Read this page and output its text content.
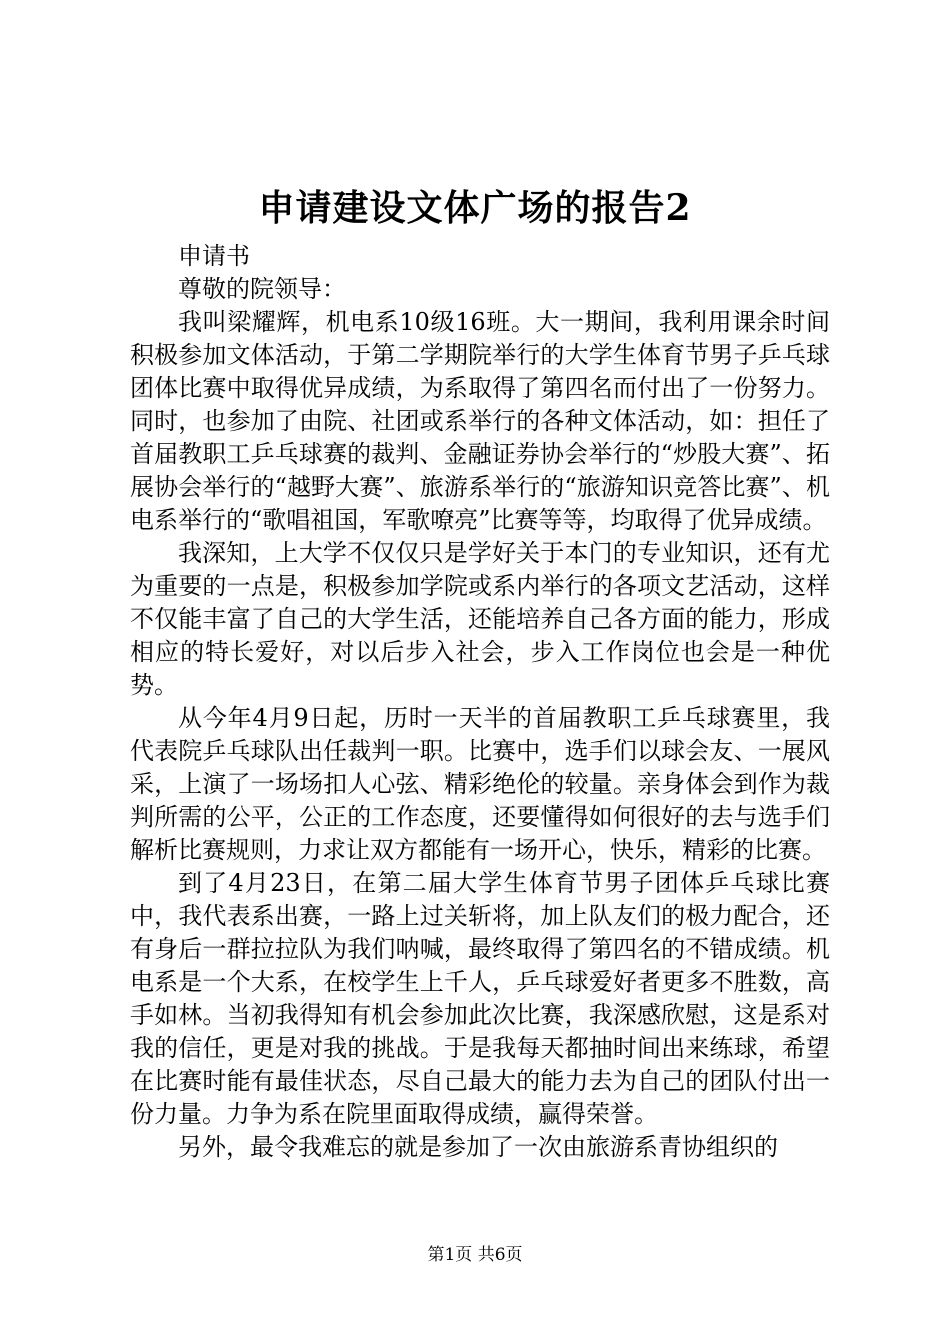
申请建设文体广场的报告2

申请书

尊敬的院领导：

我叫梁耀辉，机电系10级16班。大一期间，我利用课余时间积极参加文体活动，于第二学期院举行的大学生体育节男子乒乓球团体比赛中取得优异成绩，为系取得了第四名而付出了一份努力。同时，也参加了由院、社团或系举行的各种文体活动，如：担任了首届教职工乒乓球赛的裁判、金融证券协会举行的“炒股大赛”、拓展协会举行的“越野大赛”、旅游系举行的“旅游知识竞答比赛”、机电系举行的“歌唱祖国，军歌嘹亮”比赛等等，均取得了优异成绩。

我深知，上大学不仅仅只是学好关于本门的专业知识，还有尤为重要的一点是，积极参加学院或系内举行的各项文艺活动，这样不仅能丰富了自己的大学生活，还能培养自己各方面的能力，形成相应的特长爱好，对以后步入社会，步入工作岗位也会是一种优势。

从今年4月9日起，历时一天半的首届教职工乒乓球赛里，我代表院乒乓球队出任裁判一职。比赛中，选手们以球会友、一展风采，上演了一场场扣人心弦、精彩绝伦的较量。亲身体会到作为裁判所需的公平，公正的工作态度，还要懂得如何很好的去与选手们解析比赛规则，力求让双方都能有一场开心，快乐，精彩的比赛。

到了4月23日，在第二届大学生体育节男子团体乒乓球比赛中，我代表系出赛，一路上过关斩将，加上队友们的极力配合，还有身后一群拉拉队为我们呐喊，最终取得了第四名的不错成绩。机电系是一个大系，在校学生上千人，乒乓球爱好者更多不胜数，高手如林。当初我得知有机会参加此次比赛，我深感欣慰，这是系对我的信任，更是对我的挑战。于是我每天都抽时间出来练球，希望在比赛时能有最佳状态，尽自己最大的能力去为自己的团队付出一份力量。力争为系在院里面取得成绩，赢得荣誉。

另外，最令我难忘的就是参加了一次由旅游系青协组织的

第1页 共6页
